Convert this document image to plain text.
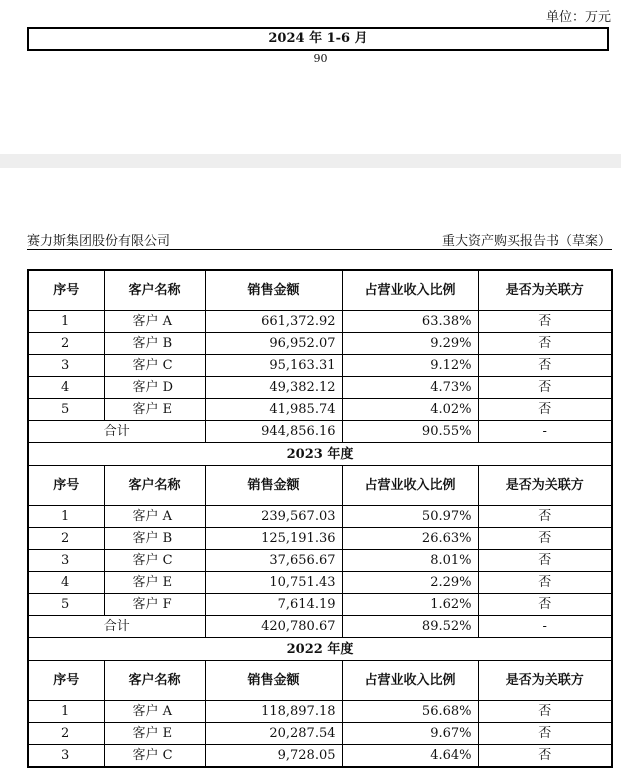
单位：万元
2024 年 1-6 月
90
赛力斯集团股份有限公司	重大资产购买报告书（草案）
序号	客户名称	销售金额	占营业收入比例	是否为关联方
1	客户 A	661,372.92	63.38%	否
2	客户 B	96,952.07	9.29%	否
3	客户 C	95,163.31	9.12%	否
4	客户 D	49,382.12	4.73%	否
5	客户 E	41,985.74	4.02%	否
合计		944,856.16	90.55%	-
2023 年度				
序号	客户名称	销售金额	占营业收入比例	是否为关联方
1	客户 A	239,567.03	50.97%	否
2	客户 B	125,191.36	26.63%	否
3	客户 C	37,656.67	8.01%	否
4	客户 E	10,751.43	2.29%	否
5	客户 F	7,614.19	1.62%	否
合计		420,780.67	89.52%	-
2022 年度				
序号	客户名称	销售金额	占营业收入比例	是否为关联方
1	客户 A	118,897.18	56.68%	否
2	客户 E	20,287.54	9.67%	否
3	客户 C	9,728.05	4.64%	否
